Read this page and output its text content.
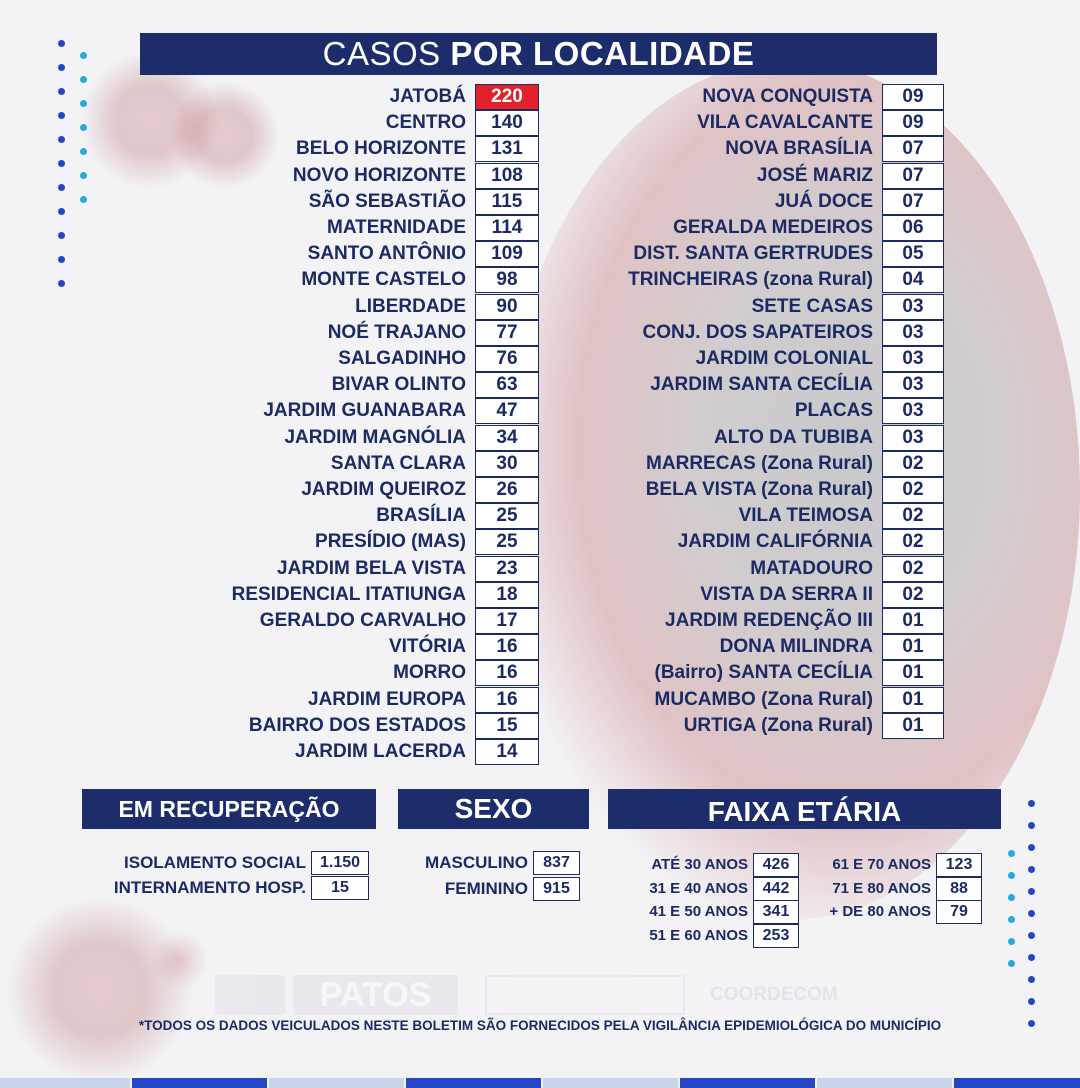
CASOS POR LOCALIDADE
JATOBÁ	220
CENTRO	140
BELO HORIZONTE	131
NOVO HORIZONTE	108
SÃO SEBASTIÃO	115
MATERNIDADE	114
SANTO ANTÔNIO	109
MONTE CASTELO	98
LIBERDADE	90
NOÉ TRAJANO	77
SALGADINHO	76
BIVAR OLINTO	63
JARDIM GUANABARA	47
JARDIM MAGNÓLIA	34
SANTA CLARA	30
JARDIM QUEIROZ	26
BRASÍLIA	25
PRESÍDIO (MAS)	25
JARDIM BELA VISTA	23
RESIDENCIAL ITATIUNGA	18
GERALDO CARVALHO	17
VITÓRIA	16
MORRO	16
JARDIM EUROPA	16
BAIRRO DOS ESTADOS	15
JARDIM LACERDA	14
NOVA CONQUISTA	09
VILA CAVALCANTE	09
NOVA BRASÍLIA	07
JOSÉ MARIZ	07
JUÁ DOCE	07
GERALDA MEDEIROS	06
DIST. SANTA GERTRUDES	05
TRINCHEIRAS (zona Rural)	04
SETE CASAS	03
CONJ. DOS SAPATEIROS	03
JARDIM COLONIAL	03
JARDIM SANTA CECÍLIA	03
PLACAS	03
ALTO DA TUBIBA	03
MARRECAS (Zona Rural)	02
BELA VISTA (Zona Rural)	02
VILA TEIMOSA	02
JARDIM CALIFÓRNIA	02
MATADOURO	02
VISTA DA SERRA II	02
JARDIM REDENÇÃO III	01
DONA MILINDRA	01
(Bairro) SANTA CECÍLIA	01
MUCAMBO (Zona Rural)	01
URTIGA (Zona Rural)	01
EM RECUPERAÇÃO
ISOLAMENTO SOCIAL 1.150
INTERNAMENTO HOSP.	15
SEXO
MASCULINO 837
FEMININO 915
FAIXA ETÁRIA
ATÉ 30 ANOS 426
31 E 40 ANOS 442
41 E 50 ANOS 341
51 E 60 ANOS 253
61 E 70 ANOS 123
71 E 80 ANOS	88
+ DE 80 ANOS	79
PATOS	COORDECOM
*TODOS OS DADOS VEICULADOS NESTE BOLETIM SÃO FORNECIDOS PELA VIGILÂNCIA EPIDEMIOLÓGICA DO MUNICÍPIO
